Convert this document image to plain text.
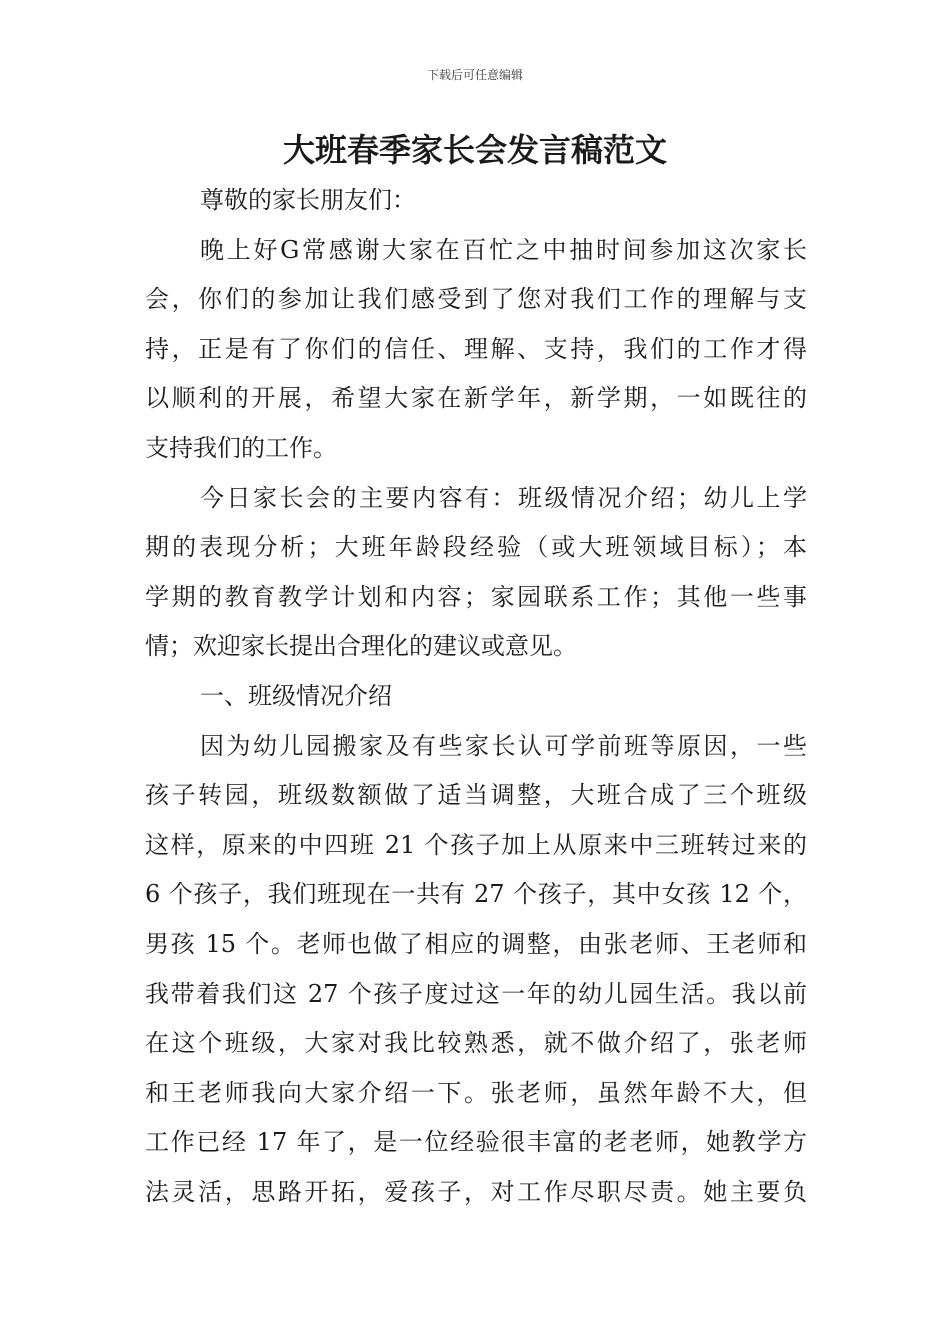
下载后可任意编辑
大班春季家长会发言稿范文

尊敬的家长朋友们：

晚上好G常感谢大家在百忙之中抽时间参加这次家长
会，你们的参加让我们感受到了您对我们工作的理解与支
持，正是有了你们的信任、理解、支持，我们的工作才得
以顺利的开展，希望大家在新学年，新学期，一如既往的
支持我们的工作。

今日家长会的主要内容有：班级情况介绍；幼儿上学
期的表现分析；大班年龄段经验（或大班领域目标）；本
学期的教育教学计划和内容；家园联系工作；其他一些事
情；欢迎家长提出合理化的建议或意见。

一、班级情况介绍

因为幼儿园搬家及有些家长认可学前班等原因，一些
孩子转园，班级数额做了适当调整，大班合成了三个班级
这样，原来的中四班 21 个孩子加上从原来中三班转过来的
6 个孩子，我们班现在一共有 27 个孩子，其中女孩 12 个，
男孩 15 个。老师也做了相应的调整，由张老师、王老师和
我带着我们这 27 个孩子度过这一年的幼儿园生活。我以前
在这个班级，大家对我比较熟悉，就不做介绍了，张老师
和王老师我向大家介绍一下。张老师，虽然年龄不大，但
工作已经 17 年了，是一位经验很丰富的老老师，她教学方
法灵活，思路开拓，爱孩子，对工作尽职尽责。她主要负
